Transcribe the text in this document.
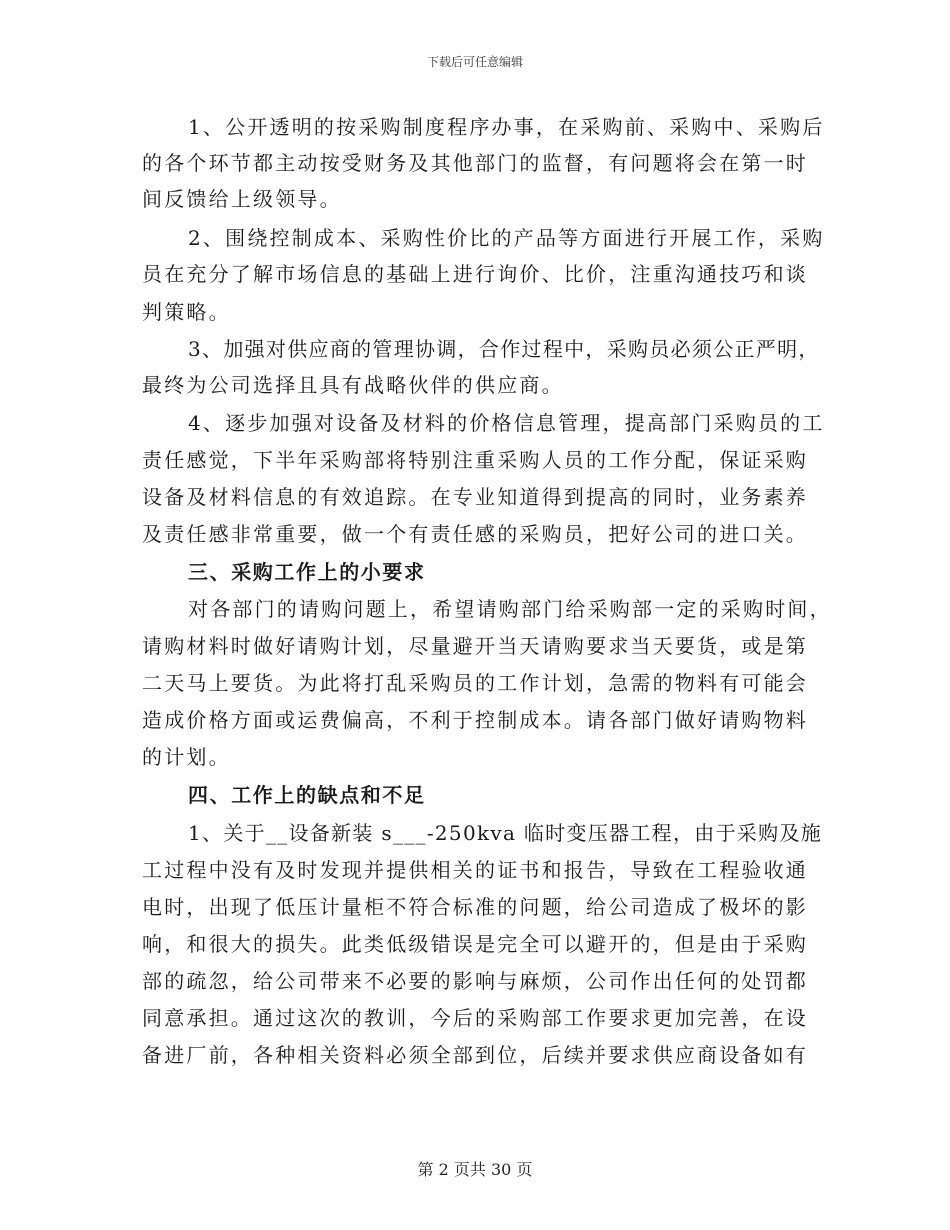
下载后可任意编辑
1、公开透明的按采购制度程序办事，在采购前、采购中、采购后
的各个环节都主动按受财务及其他部门的监督，有问题将会在第一时
间反馈给上级领导。
2、围绕控制成本、采购性价比的产品等方面进行开展工作，采购
员在充分了解市场信息的基础上进行询价、比价，注重沟通技巧和谈
判策略。
3、加强对供应商的管理协调，合作过程中，采购员必须公正严明，
最终为公司选择且具有战略伙伴的供应商。
4、逐步加强对设备及材料的价格信息管理，提高部门采购员的工
责任感觉，下半年采购部将特别注重采购人员的工作分配，保证采购
设备及材料信息的有效追踪。在专业知道得到提高的同时，业务素养
及责任感非常重要，做一个有责任感的采购员，把好公司的进口关。
三、采购工作上的小要求
对各部门的请购问题上，希望请购部门给采购部一定的采购时间，
请购材料时做好请购计划，尽量避开当天请购要求当天要货，或是第
二天马上要货。为此将打乱采购员的工作计划，急需的物料有可能会
造成价格方面或运费偏高，不利于控制成本。请各部门做好请购物料
的计划。
四、工作上的缺点和不足
1、关于__设备新装 s___-250kva 临时变压器工程，由于采购及施
工过程中没有及时发现并提供相关的证书和报告，导致在工程验收通
电时，出现了低压计量柜不符合标准的问题，给公司造成了极坏的影
响，和很大的损失。此类低级错误是完全可以避开的，但是由于采购
部的疏忽，给公司带来不必要的影响与麻烦，公司作出任何的处罚都
同意承担。通过这次的教训，今后的采购部工作要求更加完善，在设
备进厂前，各种相关资料必须全部到位，后续并要求供应商设备如有
第 2 页共 30 页
